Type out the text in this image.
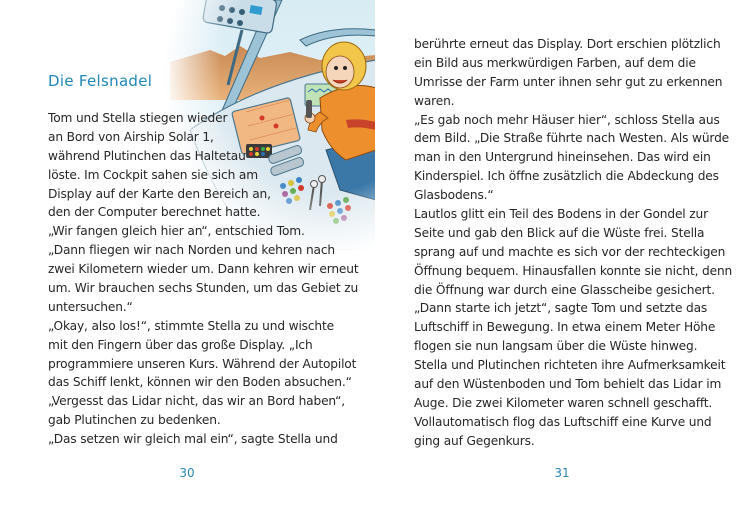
Die Felsnadel
Tom und Stella stiegen wieder
an Bord von Airship Solar 1,
während Plutinchen das Haltetau
löste. Im Cockpit sahen sie sich am
Display auf der Karte den Bereich an,
den der Computer berechnet hatte.
„Wir fangen gleich hier an“, entschied Tom.
„Dann fliegen wir nach Norden und kehren nach
zwei Kilometern wieder um. Dann kehren wir erneut
um. Wir brauchen sechs Stunden, um das Gebiet zu
untersuchen.“
„Okay, also los!“, stimmte Stella zu und wischte
mit den Fingern über das große Display. „Ich
programmiere unseren Kurs. Während der Autopilot
das Schiff lenkt, können wir den Boden absuchen.“
„Vergesst das Lidar nicht, das wir an Bord haben“,
gab Plutinchen zu bedenken.
„Das setzen wir gleich mal ein“, sagte Stella und
30
berührte erneut das Display. Dort erschien plötzlich
ein Bild aus merkwürdigen Farben, auf dem die
Umrisse der Farm unter ihnen sehr gut zu erkennen
waren.
„Es gab noch mehr Häuser hier“, schloss Stella aus
dem Bild. „Die Straße führte nach Westen. Als würde
man in den Untergrund hineinsehen. Das wird ein
Kinderspiel. Ich öffne zusätzlich die Abdeckung des
Glasbodens.“
Lautlos glitt ein Teil des Bodens in der Gondel zur
Seite und gab den Blick auf die Wüste frei. Stella
sprang auf und machte es sich vor der rechteckigen
Öffnung bequem. Hinausfallen konnte sie nicht, denn
die Öffnung war durch eine Glasscheibe gesichert.
„Dann starte ich jetzt“, sagte Tom und setzte das
Luftschiff in Bewegung. In etwa einem Meter Höhe
flogen sie nun langsam über die Wüste hinweg.
Stella und Plutinchen richteten ihre Aufmerksamkeit
auf den Wüstenboden und Tom behielt das Lidar im
Auge. Die zwei Kilometer waren schnell geschafft.
Vollautomatisch flog das Luftschiff eine Kurve und
ging auf Gegenkurs.
31
